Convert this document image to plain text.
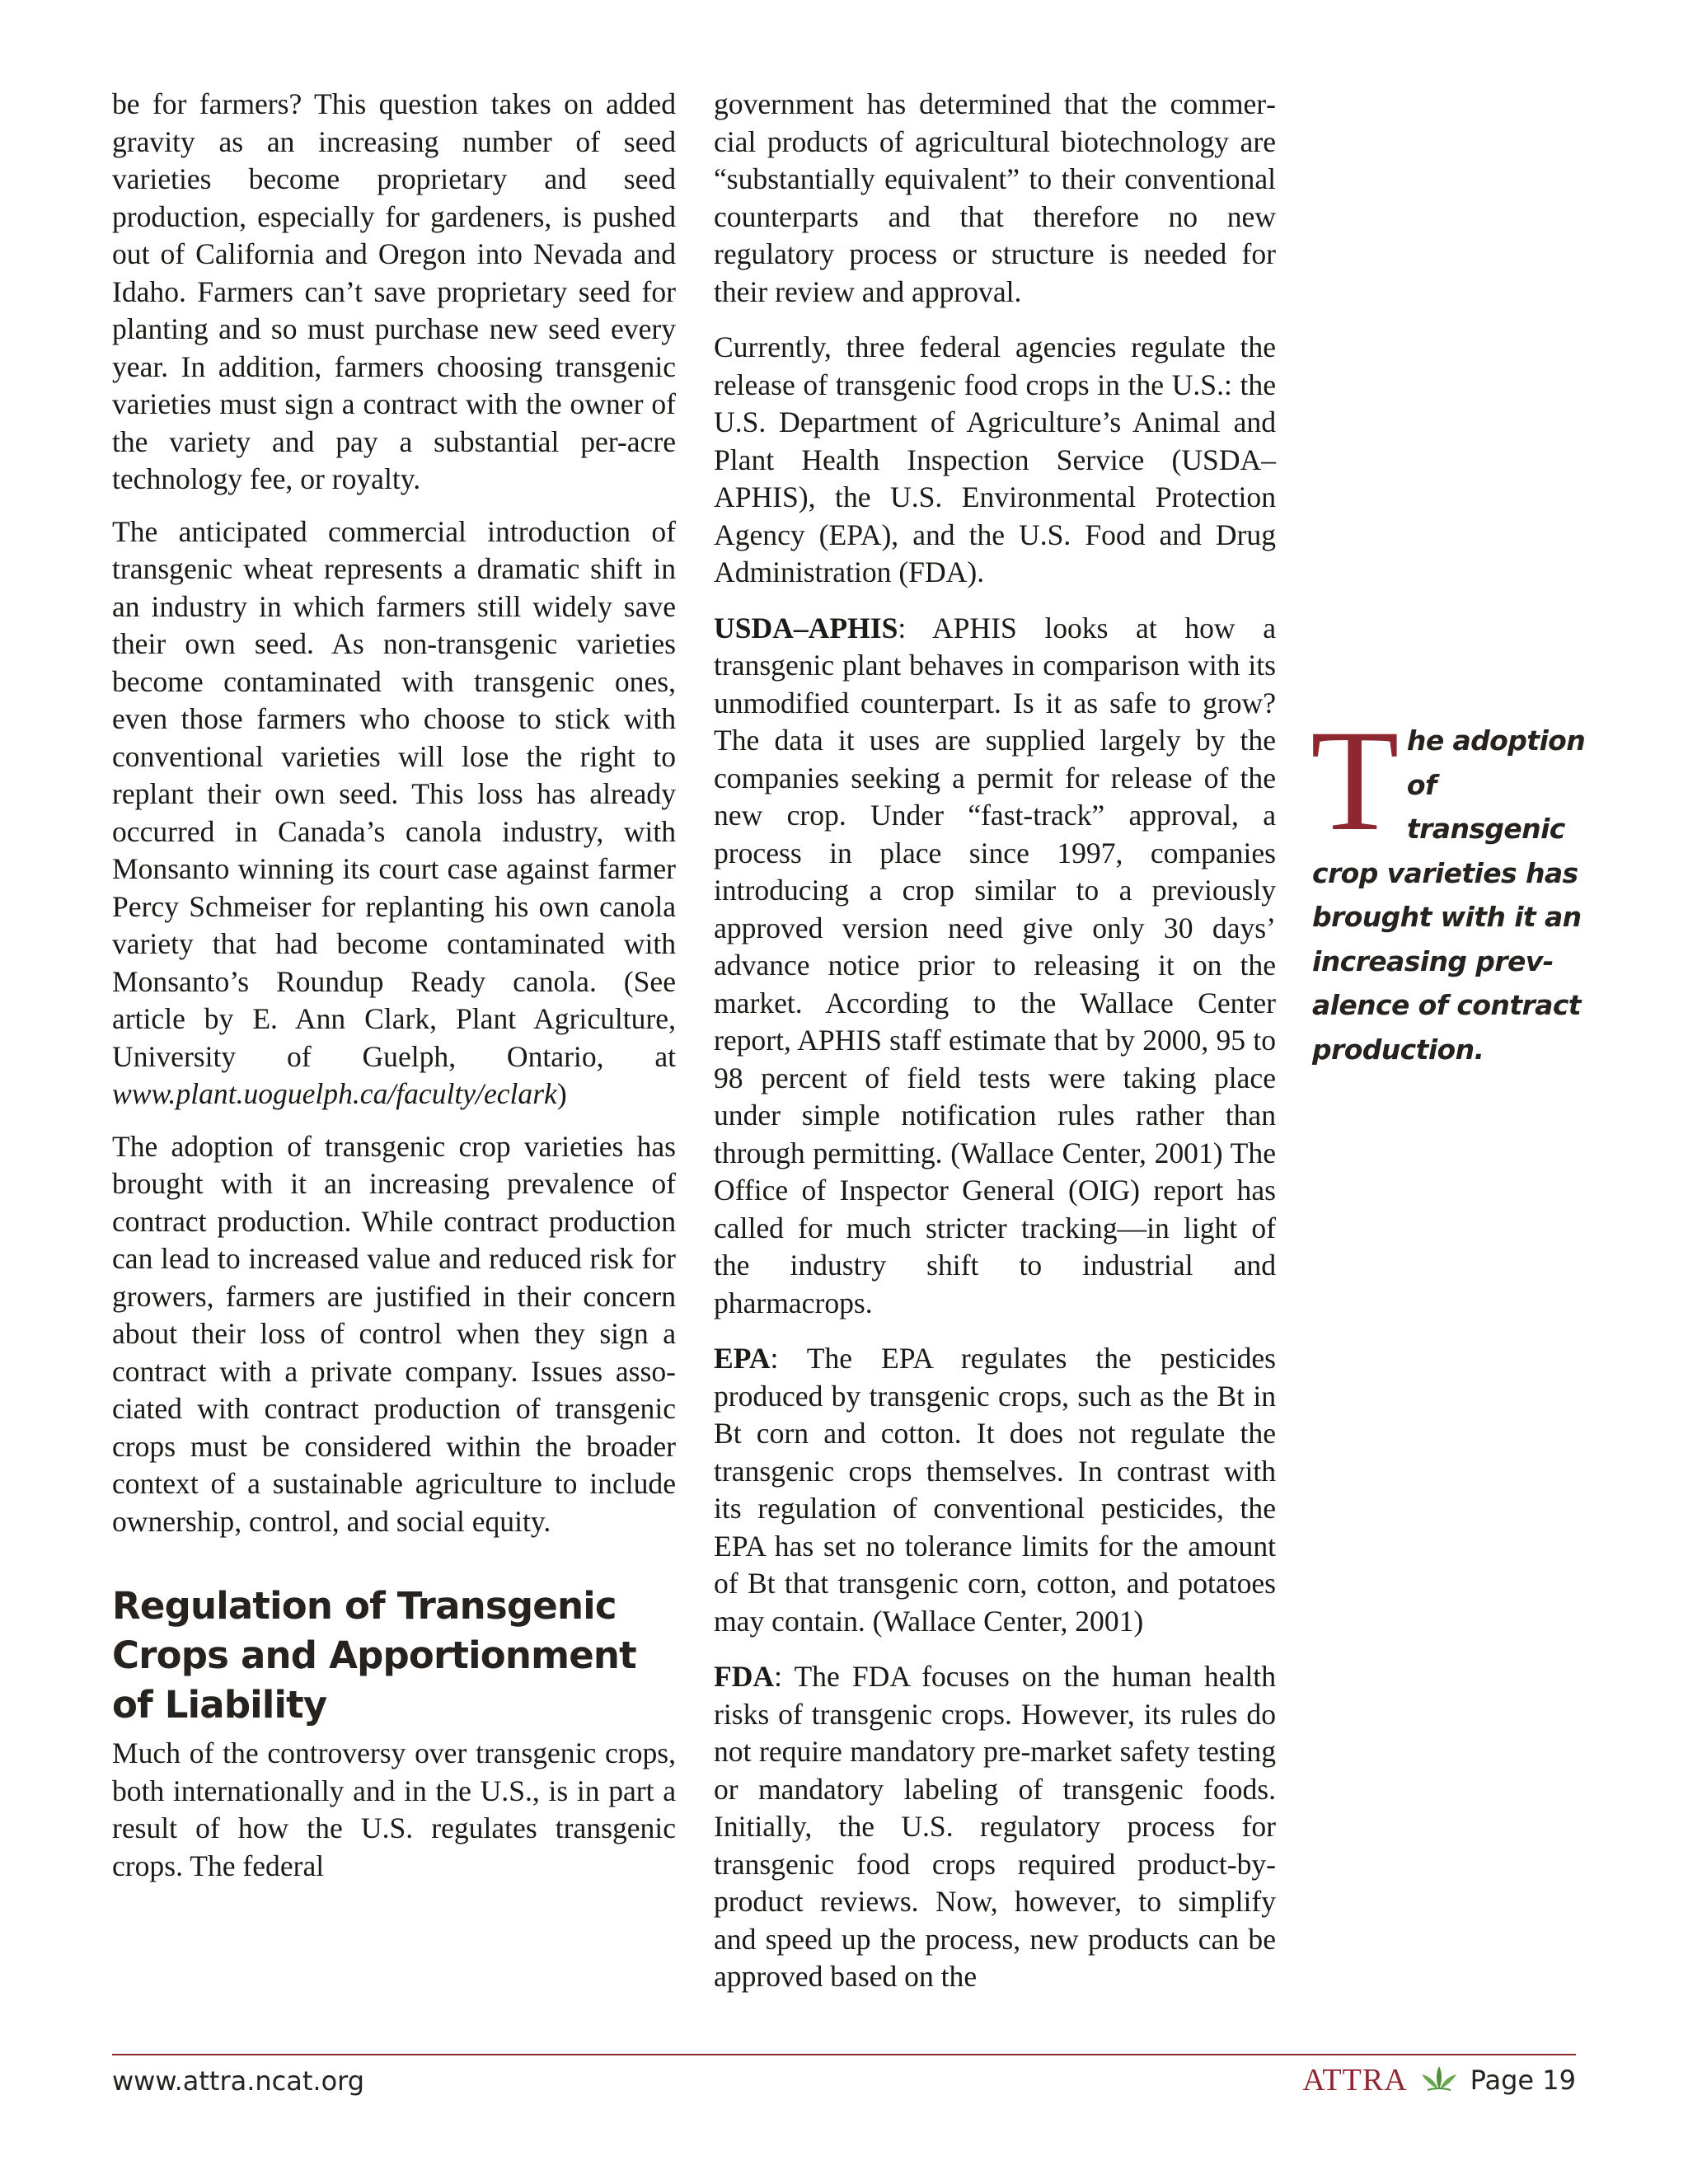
be for farmers? This question takes on added gravity as an increasing number of seed varieties become proprietary and seed production, especially for gardeners, is pushed out of California and Oregon into Nevada and Idaho. Farmers can’t save proprietary seed for planting and so must purchase new seed every year. In addition, farmers choosing transgenic varieties must sign a contract with the owner of the variety and pay a substantial per-acre technology fee, or royalty.

The anticipated commercial introduction of transgenic wheat represents a dramatic shift in an industry in which farmers still widely save their own seed. As non-transgenic varieties become contaminated with transgenic ones, even those farmers who choose to stick with conventional varieties will lose the right to replant their own seed. This loss has already occurred in Canada’s canola industry, with Monsanto winning its court case against farmer Percy Schmeiser for replanting his own canola variety that had become contaminated with Monsanto’s Roundup Ready canola. (See article by E. Ann Clark, Plant Agriculture, University of Guelph, Ontario, at www.plant.uoguelph.ca/faculty/eclark)

The adoption of transgenic crop varieties has brought with it an increasing prevalence of contract production. While contract production can lead to increased value and reduced risk for growers, farmers are justified in their concern about their loss of control when they sign a contract with a private company. Issues associated with contract production of transgenic crops must be considered within the broader context of a sustainable agriculture to include ownership, control, and social equity.

Regulation of Transgenic Crops and Apportionment of Liability

Much of the controversy over transgenic crops, both internationally and in the U.S., is in part a result of how the U.S. regulates transgenic crops. The federal

government has determined that the commercial products of agricultural biotechnology are “substantially equivalent” to their conventional counterparts and that therefore no new regulatory process or structure is needed for their review and approval.

Currently, three federal agencies regulate the release of transgenic food crops in the U.S.: the U.S. Department of Agriculture’s Animal and Plant Health Inspection Service (USDA–APHIS), the U.S. Environmental Protection Agency (EPA), and the U.S. Food and Drug Administration (FDA).

USDA–APHIS: APHIS looks at how a transgenic plant behaves in comparison with its unmodified counterpart. Is it as safe to grow? The data it uses are supplied largely by the companies seeking a permit for release of the new crop. Under “fast-track” approval, a process in place since 1997, companies introducing a crop similar to a previously approved version need give only 30 days’ advance notice prior to releasing it on the market. According to the Wallace Center report, APHIS staff estimate that by 2000, 95 to 98 percent of field tests were taking place under simple notification rules rather than through permitting. (Wallace Center, 2001) The Office of Inspector General (OIG) report has called for much stricter tracking—in light of the industry shift to industrial and pharmacrops.

EPA: The EPA regulates the pesticides produced by transgenic crops, such as the Bt in Bt corn and cotton. It does not regulate the transgenic crops themselves. In contrast with its regulation of conventional pesticides, the EPA has set no tolerance limits for the amount of Bt that transgenic corn, cotton, and potatoes may contain. (Wallace Center, 2001)

FDA: The FDA focuses on the human health risks of transgenic crops. However, its rules do not require mandatory pre-market safety testing or mandatory labeling of transgenic foods. Initially, the U.S. regulatory process for transgenic food crops required product-by-product reviews. Now, however, to simplify and speed up the process, new products can be approved based on the

The adoption of transgenic crop varieties has brought with it an increasing prevalence of contract production.
www.attra.ncat.org	ATTRA Page 19
